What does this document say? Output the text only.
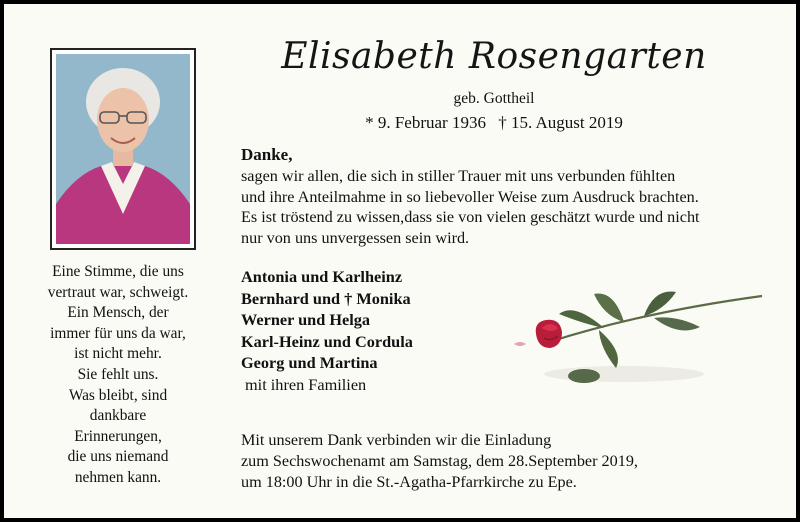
Eine Stimme, die uns
vertraut war, schweigt.
Ein Mensch, der
immer für uns da war,
ist nicht mehr.
Sie fehlt uns.
Was bleibt, sind
dankbare
Erinnerungen,
die uns niemand
nehmen kann.
Elisabeth Rosengarten
geb. Gottheil
* 9. Februar 1936 † 15. August 2019
Danke,
sagen wir allen, die sich in stiller Trauer mit uns verbunden fühlten
und ihre Anteilmahme in so liebevoller Weise zum Ausdruck brachten.
Es ist tröstend zu wissen,dass sie von vielen geschätzt wurde und nicht
nur von uns unvergessen sein wird.
Antonia und Karlheinz
Bernhard und † Monika
Werner und Helga
Karl-Heinz und Cordula
Georg und Martina
mit ihren Familien
Mit unserem Dank verbinden wir die Einladung
zum Sechswochenamt am Samstag, dem 28.September 2019,
um 18:00 Uhr in die St.-Agatha-Pfarrkirche zu Epe.
